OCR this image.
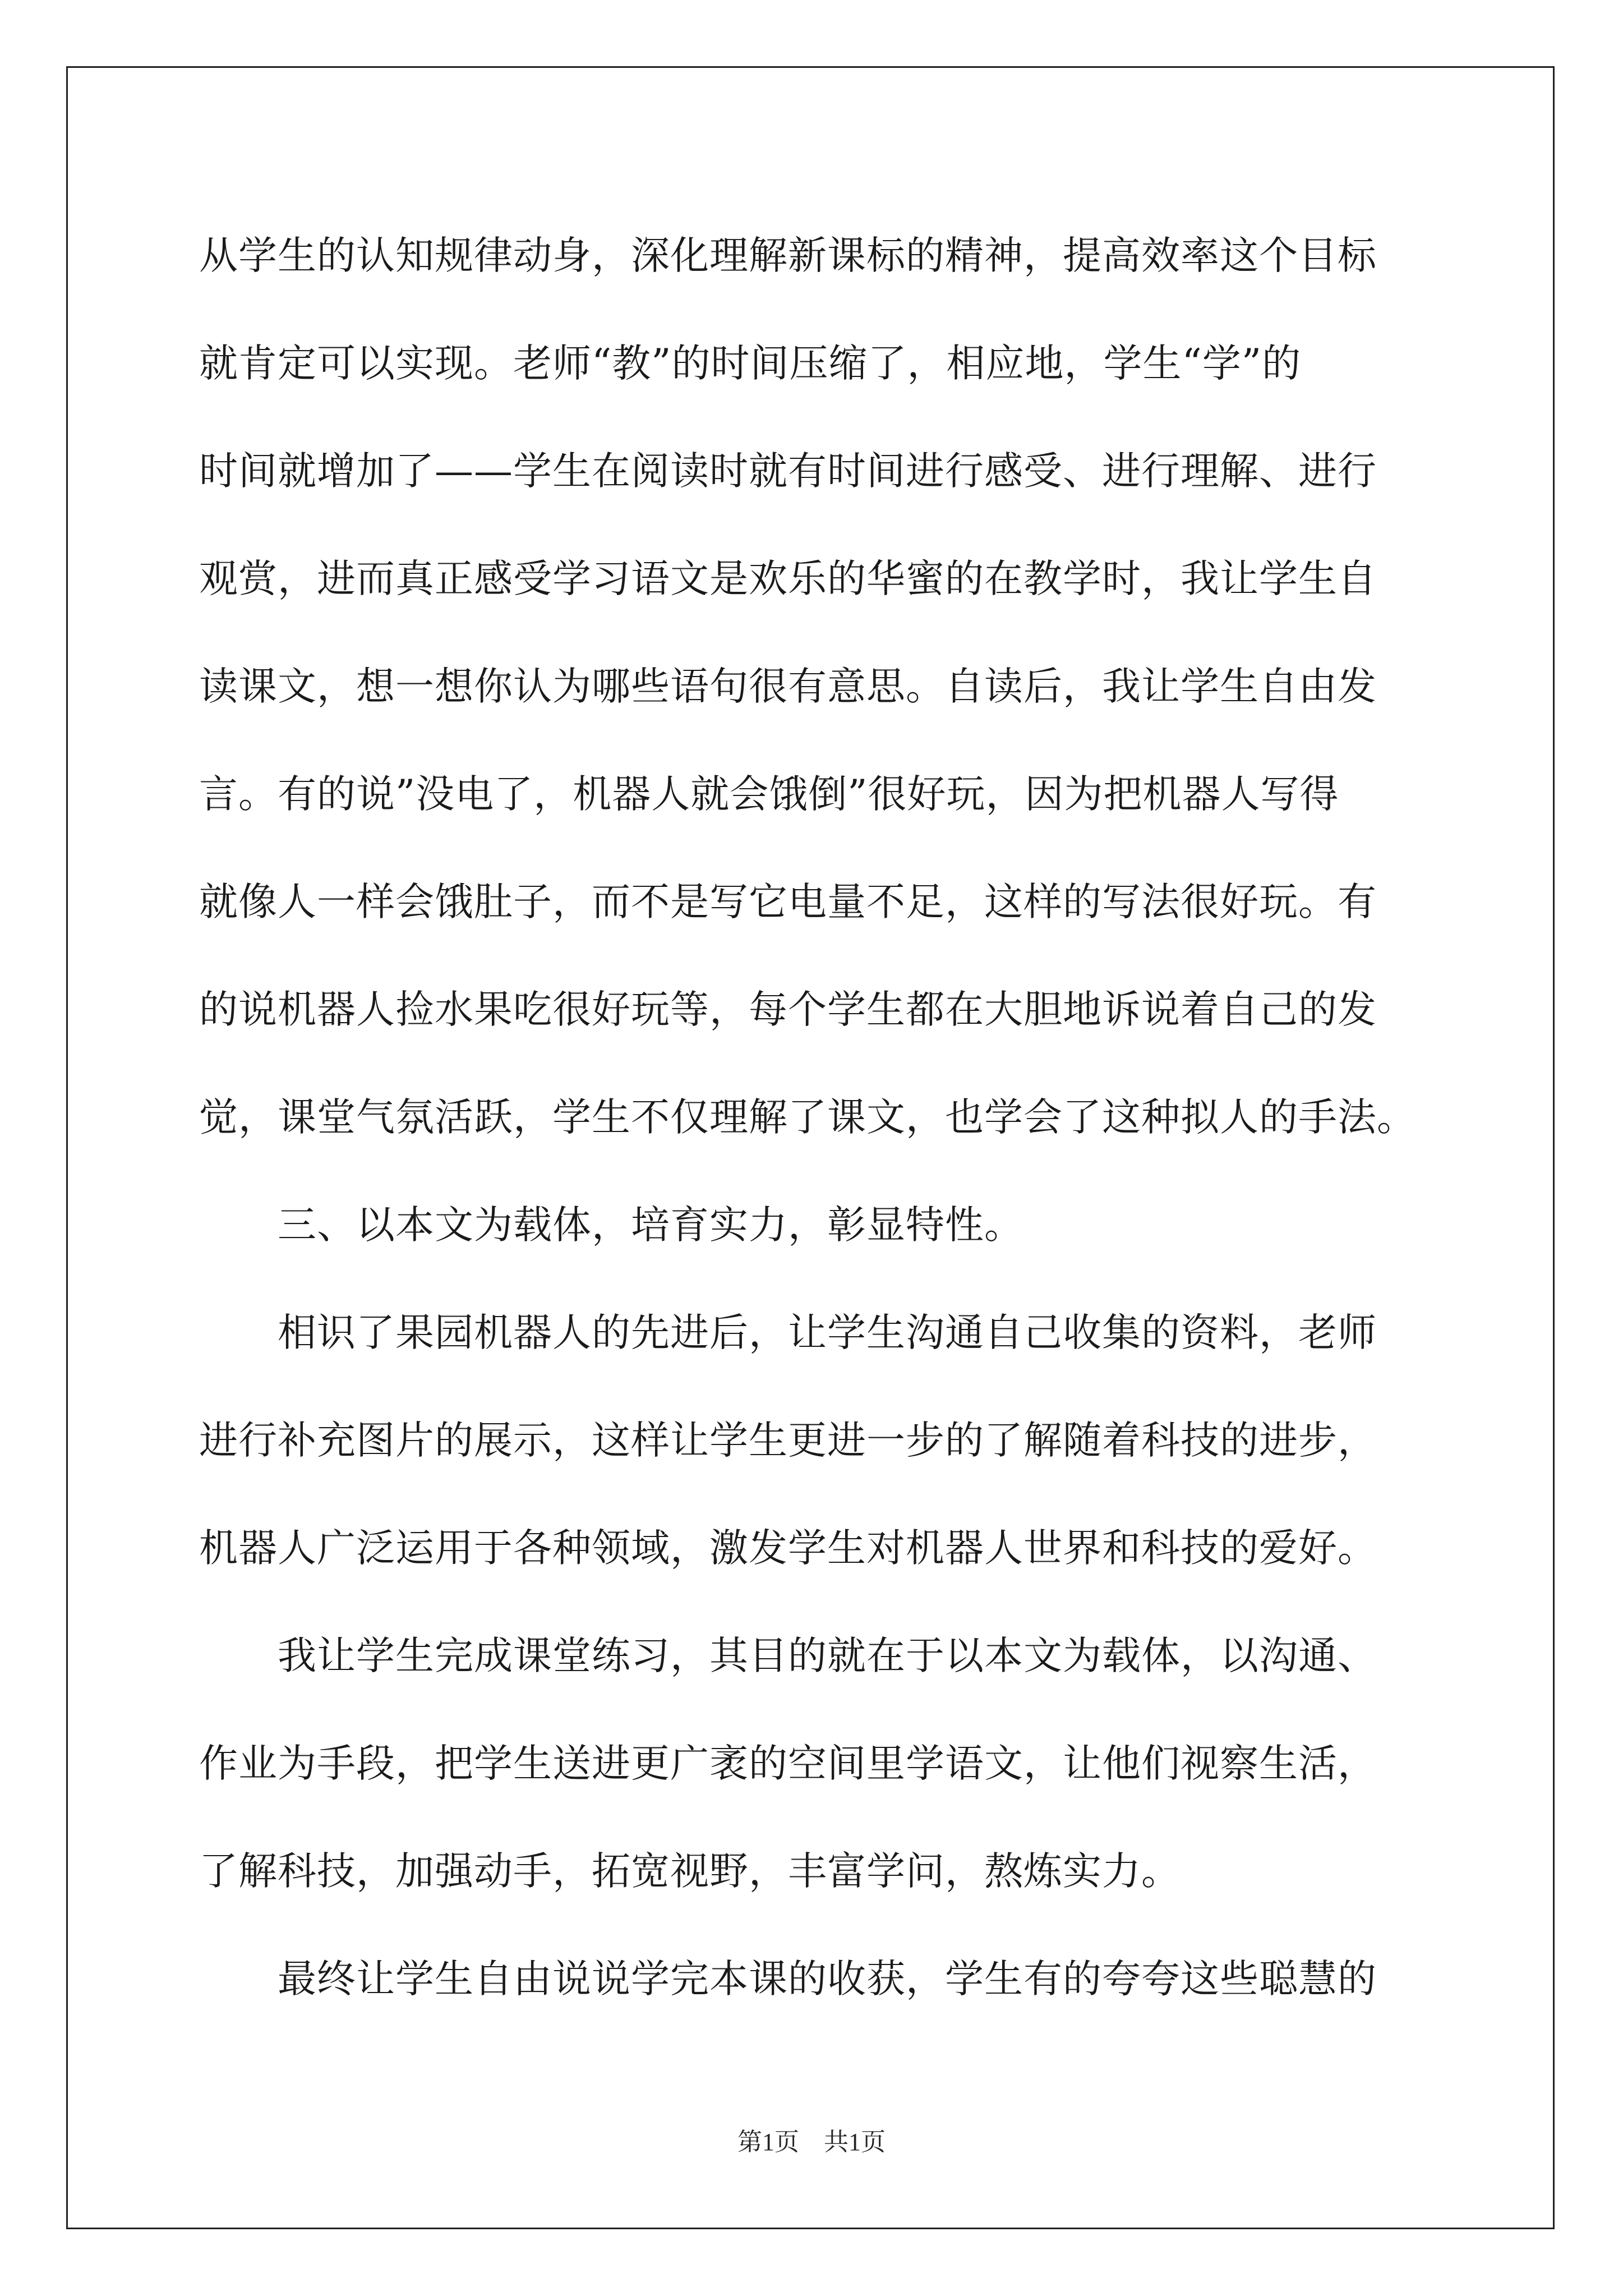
从学生的认知规律动身，深化理解新课标的精神，提高效率这个目标
就肯定可以实现。老师“教”的时间压缩了，相应地，学生“学”的
时间就增加了——学生在阅读时就有时间进行感受、进行理解、进行
观赏，进而真正感受学习语文是欢乐的华蜜的在教学时，我让学生自
读课文，想一想你认为哪些语句很有意思。自读后，我让学生自由发
言。有的说”没电了，机器人就会饿倒”很好玩，因为把机器人写得
就像人一样会饿肚子，而不是写它电量不足，这样的写法很好玩。有
的说机器人捡水果吃很好玩等，每个学生都在大胆地诉说着自己的发
觉，课堂气氛活跃，学生不仅理解了课文，也学会了这种拟人的手法。
　　三、以本文为载体，培育实力，彰显特性。
　　相识了果园机器人的先进后，让学生沟通自己收集的资料，老师
进行补充图片的展示，这样让学生更进一步的了解随着科技的进步，
机器人广泛运用于各种领域，激发学生对机器人世界和科技的爱好。
　　我让学生完成课堂练习，其目的就在于以本文为载体，以沟通、
作业为手段，把学生送进更广袤的空间里学语文，让他们视察生活，
了解科技，加强动手，拓宽视野，丰富学问，熬炼实力。
　　最终让学生自由说说学完本课的收获，学生有的夸夸这些聪慧的
第1页　共1页
